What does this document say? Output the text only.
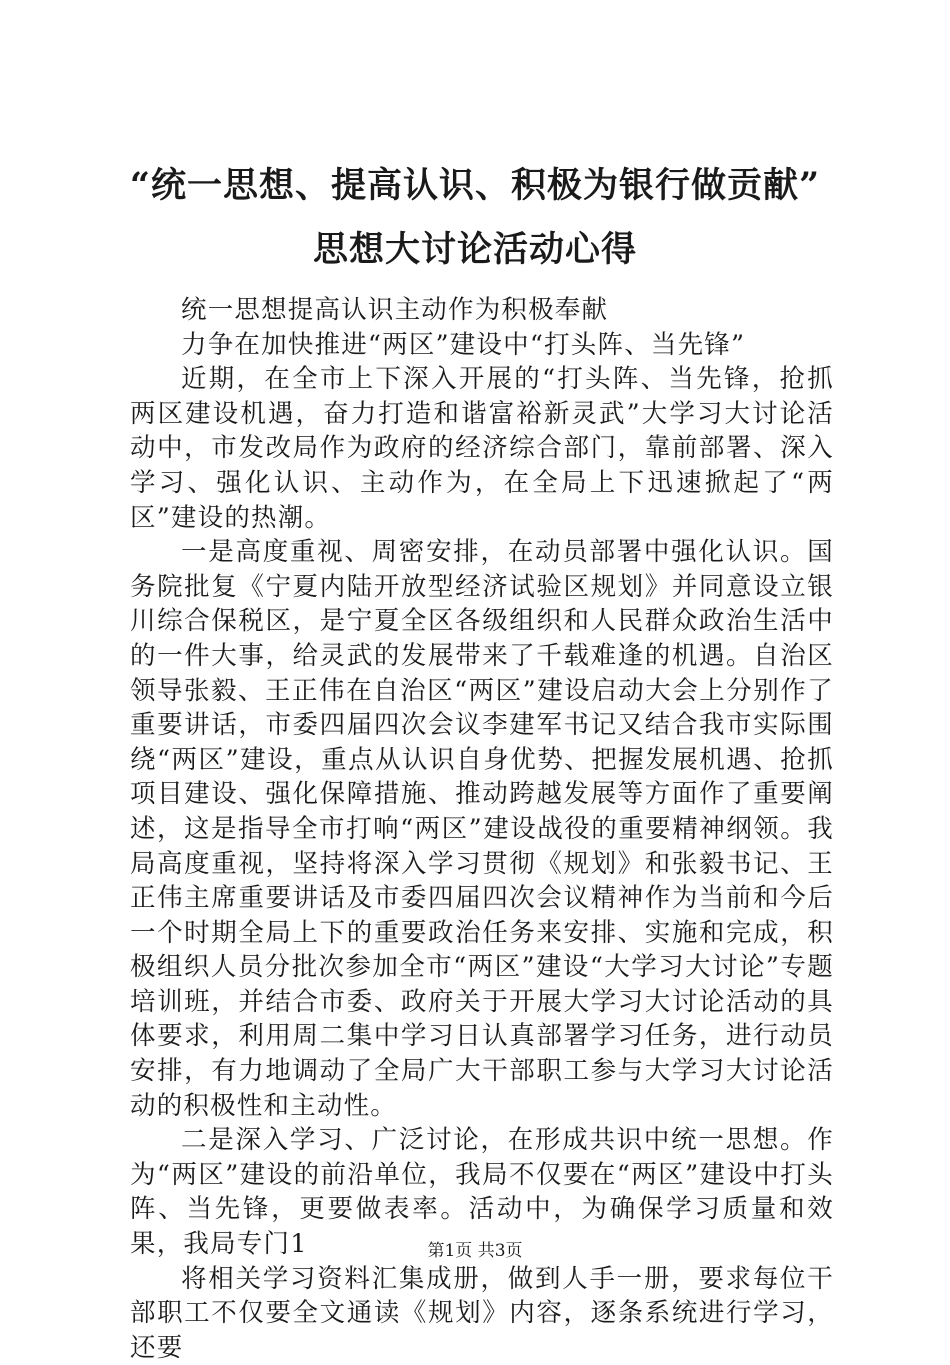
“统一思想、提高认识、积极为银行做贡献”
思想大讨论活动心得

统一思想提高认识主动作为积极奉献

力争在加快推进“两区”建设中“打头阵、当先锋”

近期，在全市上下深入开展的“打头阵、当先锋，抢抓两区建设机遇，奋力打造和谐富裕新灵武”大学习大讨论活动中，市发改局作为政府的经济综合部门，靠前部署、深入学习、强化认识、主动作为，在全局上下迅速掀起了“两区”建设的热潮。

一是高度重视、周密安排，在动员部署中强化认识。国务院批复《宁夏内陆开放型经济试验区规划》并同意设立银川综合保税区，是宁夏全区各级组织和人民群众政治生活中的一件大事，给灵武的发展带来了千载难逢的机遇。自治区领导张毅、王正伟在自治区“两区”建设启动大会上分别作了重要讲话，市委四届四次会议李建军书记又结合我市实际围绕“两区”建设，重点从认识自身优势、把握发展机遇、抢抓项目建设、强化保障措施、推动跨越发展等方面作了重要阐述，这是指导全市打响“两区”建设战役的重要精神纲领。我局高度重视，坚持将深入学习贯彻《规划》和张毅书记、王正伟主席重要讲话及市委四届四次会议精神作为当前和今后一个时期全局上下的重要政治任务来安排、实施和完成，积极组织人员分批次参加全市“两区”建设“大学习大讨论”专题培训班，并结合市委、政府关于开展大学习大讨论活动的具体要求，利用周二集中学习日认真部署学习任务，进行动员安排，有力地调动了全局广大干部职工参与大学习大讨论活动的积极性和主动性。

二是深入学习、广泛讨论，在形成共识中统一思想。作为“两区”建设的前沿单位，我局不仅要在“两区”建设中打头阵、当先锋，更要做表率。活动中，为确保学习质量和效果，我局专门1

将相关学习资料汇集成册，做到人手一册，要求每位干部职工不仅要全文通读《规划》内容，逐条系统进行学习，还要

第1页 共3页
